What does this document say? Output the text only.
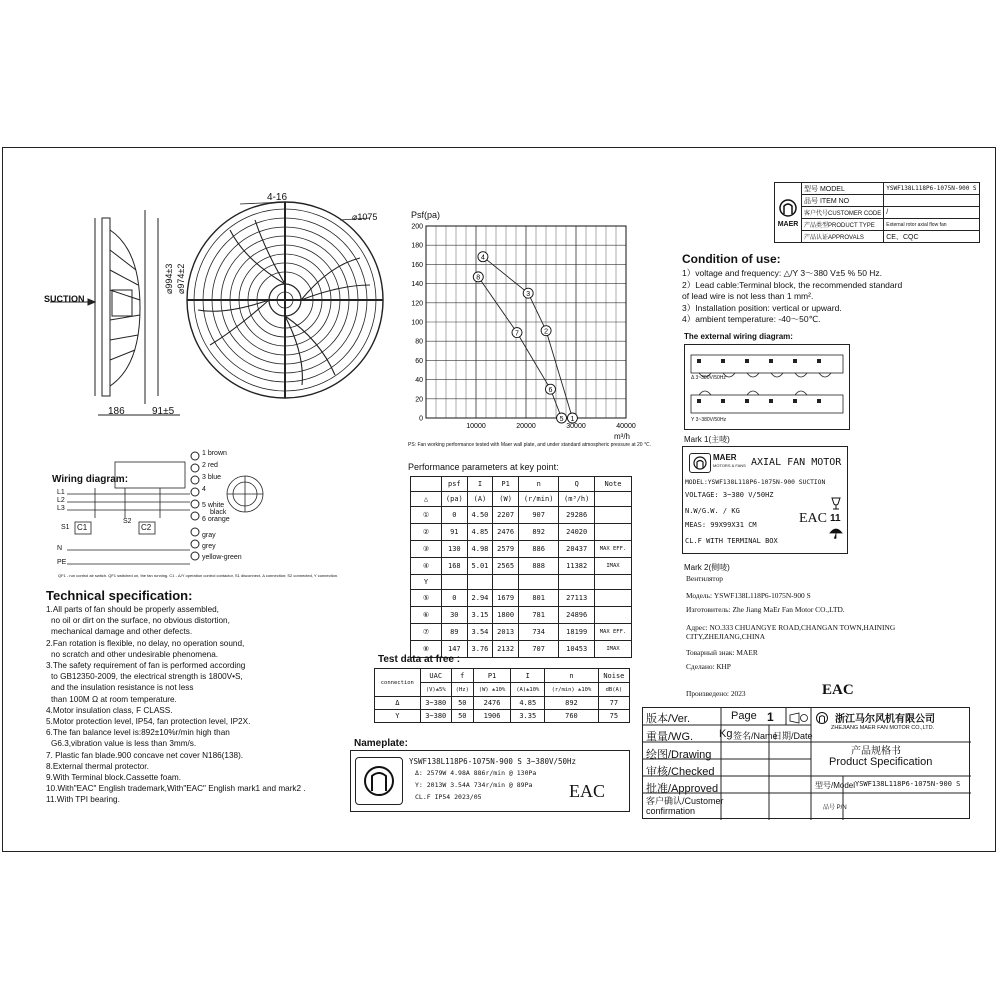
4-16
⌀1075
SUCTION
⌀994±3 ⌀974±2
186	91±5
Psf(pa)
0
20
40
60
80
100
120
140
160
180
200
10000	20000	30000	40000
1
2
3
4
5
6
7
8
m³/h
PS: Fan working performance tested with Maer wall plate, and under standard atmospheric pressure at 20 ℃.
Wiring diagram:
1 brown
2 red
3 blue
4
5 white
black
6 orange
gray
grey
yellow-green
L1
L2
L3
S1
S2
C1	C2
N
PE
QF1 - run control air switch. QF1 switched on, the fan running. C1 - Δ/Y operation control contactor, S1 disconnect, Δ connection; S2 connected, Y connection.
Technical specification:
1.All parts of fan should be properly assembled,
no oil or dirt on the surface, no obvious distortion,
mechanical damage and other defects.
2.Fan rotation is flexible, no delay, no operation sound,
no scratch and other undesirable phenomena.
3.The safety requirement of fan is performed according
to GB12350-2009, the electrical strength is 1800V•S,
and the insulation resistance is not less
than 100M Ω at room temperature.
4.Motor insulation class, F CLASS.
5.Motor protection level, IP54, fan protection level, IP2X.
6.The fan balance level is:892±10%r/min high than
G6.3,vibration value is less than 3mm/s.
7. Plastic fan blade.900 concave net cover N186(138).
8.External thermal protector.
9.With Terminal block.Cassette foam.
10.With"EAC" English trademark,With"EAC" English mark1 and mark2 .
11.With TPI bearing.
Performance parameters at key point:
	psf	I	P1	n	Q	Note
△	(pa)	(A)	(W)	(r/min)	(m³/h)	
①	0	4.50	2207	907	29286	
②	91	4.85	2476	892	24020	
③	130	4.98	2579	886	20437	MAX EFF.
④	168	5.01	2565	888	11382	IMAX
Y						
⑤	0	2.94	1679	801	27113	
⑥	30	3.15	1800	781	24896	
⑦	89	3.54	2013	734	18199	MAX EFF.
⑧	147	3.76	2132	707	10453	IMAX
Test data at free :
connection	UAC	f	P1	I	n	Noise
	(V)±5%	(Hz)	(W) ±10%	(A)±10%	(r/min) ±10%	dB(A)
Δ	3~380	50	2476	4.85	892	77
Y	3~380	50	1906	3.35	760	75
Nameplate:
YSWF138L118P6-1075N-900 S 3~380V/50Hz
Δ: 2579W 4.98A 886r/min @ 130Pa
Y: 2013W 3.54A 734r/min @ 89Pa
CL.F IP54 2023/05	EAC
MAER	型号 MODEL	YSWF138L118P6-1075N-900 S
	品号 ITEM NO	
	客户代号CUSTOMER CODE	/
	产品类型PRODUCT TYPE	External rotor axial flow fan
	产品认证APPROVALS	CE、CQC
Condition of use:
1）voltage and frequency: △/Y 3～380 V±5 % 50 Hz.
2）Lead cable:Terminal block, the recommended standard
of lead wire is not less than 1 mm².
3）Installation position: vertical or upward.
4）ambient temperature: -40～50℃.
The external wiring diagram:
Δ 3~380V/50Hz
Y 3~380V/50Hz
Mark 1(主唛)
MAER
MOTORS & FANS AXIAL FAN MOTOR
MODEL:YSWF138L118P6-1075N-900 SUCTION
VOLTAGE: 3~380 V/50HZ
N.W/G.W. / KG
MEAS: 99X99X31 CM
CL.F WITH TERMINAL BOX
EAC 11
Mark 2(侧唛)
Вентилятор
Модель: YSWF138L118P6-1075N-900 S
Изготовитель: Zhe Jiang MaEr Fan Motor CO.,LTD.
Адрес: NO.333 CHUANGYE ROAD,CHANGAN TOWN,HAINING
CITY,ZHEJIANG,CHINA
Товарный знак: MAER
Сделано: КНР
Произведено: 2023	EAC
版本/Ver.	Page 1
重量/WG. Kg 签名/Name
日期/Date
绘图/Drawing
审核/Checked
批准/Approved
客户确认/Customer confirmation
浙江马尔风机有限公司
ZHEJIANG MAER FAN MOTOR CO.,LTD.
产品规格书
Product Specification
型号/Model YSWF138L118P6-1075N-900 S
品号 P/N
